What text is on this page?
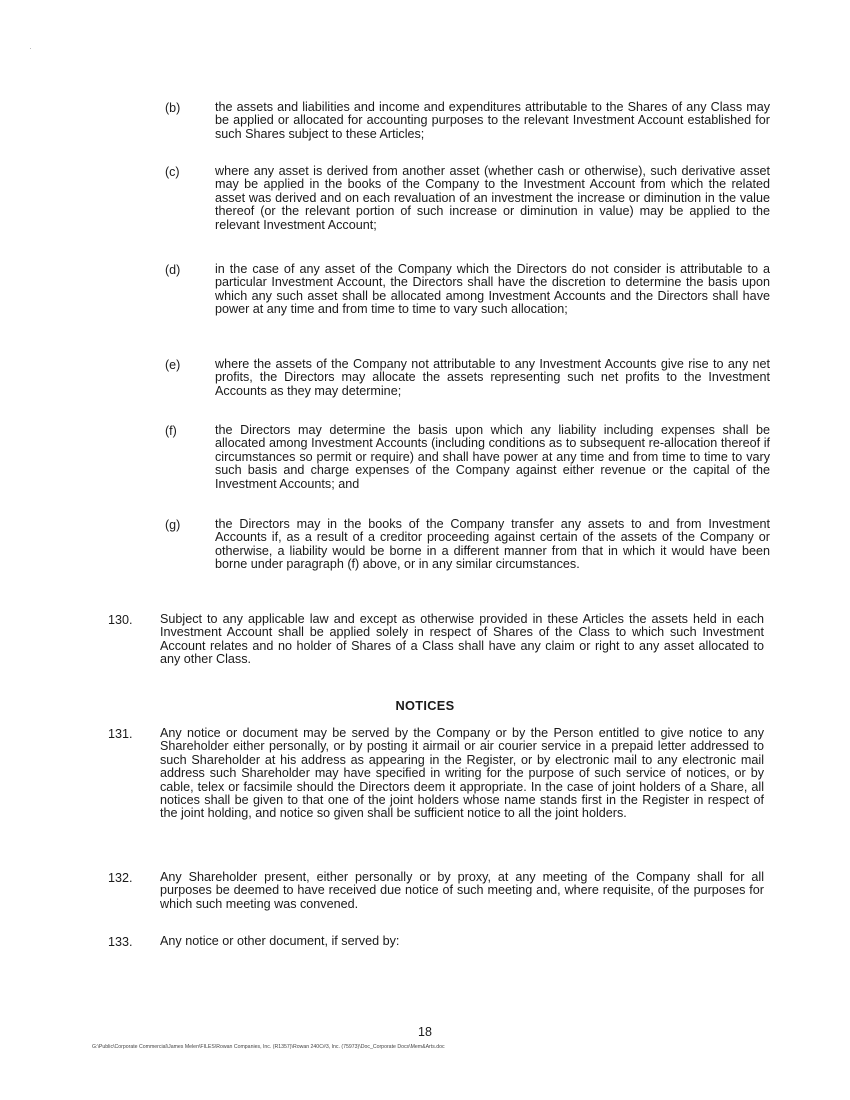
(b)	the assets and liabilities and income and expenditures attributable to the Shares of any Class may be applied or allocated for accounting purposes to the relevant Investment Account established for such Shares subject to these Articles;
(c)	where any asset is derived from another asset (whether cash or otherwise), such derivative asset may be applied in the books of the Company to the Investment Account from which the related asset was derived and on each revaluation of an investment the increase or diminution in the value thereof (or the relevant portion of such increase or diminution in value) may be applied to the relevant Investment Account;
(d)	in the case of any asset of the Company which the Directors do not consider is attributable to a particular Investment Account, the Directors shall have the discretion to determine the basis upon which any such asset shall be allocated among Investment Accounts and the Directors shall have power at any time and from time to time to vary such allocation;
(e)	where the assets of the Company not attributable to any Investment Accounts give rise to any net profits, the Directors may allocate the assets representing such net profits to the Investment Accounts as they may determine;
(f)	the Directors may determine the basis upon which any liability including expenses shall be allocated among Investment Accounts (including conditions as to subsequent re-allocation thereof if circumstances so permit or require) and shall have power at any time and from time to time to vary such basis and charge expenses of the Company against either revenue or the capital of the Investment Accounts; and
(g)	the Directors may in the books of the Company transfer any assets to and from Investment Accounts if, as a result of a creditor proceeding against certain of the assets of the Company or otherwise, a liability would be borne in a different manner from that in which it would have been borne under paragraph (f) above, or in any similar circumstances.
130. Subject to any applicable law and except as otherwise provided in these Articles the assets held in each Investment Account shall be applied solely in respect of Shares of the Class to which such Investment Account relates and no holder of Shares of a Class shall have any claim or right to any asset allocated to any other Class.
NOTICES
131. Any notice or document may be served by the Company or by the Person entitled to give notice to any Shareholder either personally, or by posting it airmail or air courier service in a prepaid letter addressed to such Shareholder at his address as appearing in the Register, or by electronic mail to any electronic mail address such Shareholder may have specified in writing for the purpose of such service of notices, or by cable, telex or facsimile should the Directors deem it appropriate. In the case of joint holders of a Share, all notices shall be given to that one of the joint holders whose name stands first in the Register in respect of the joint holding, and notice so given shall be sufficient notice to all the joint holders.
132. Any Shareholder present, either personally or by proxy, at any meeting of the Company shall for all purposes be deemed to have received due notice of such meeting and, where requisite, of the purposes for which such meeting was convened.
133. Any notice or other document, if served by:
18
G:\Public\Corporate Commercial\James Melen\FILES\Rowan Companies, Inc. (R1357)\Rowan 240C#3, Inc. (75973)\Doc_Corporate Docs\Mem&Arts.doc
